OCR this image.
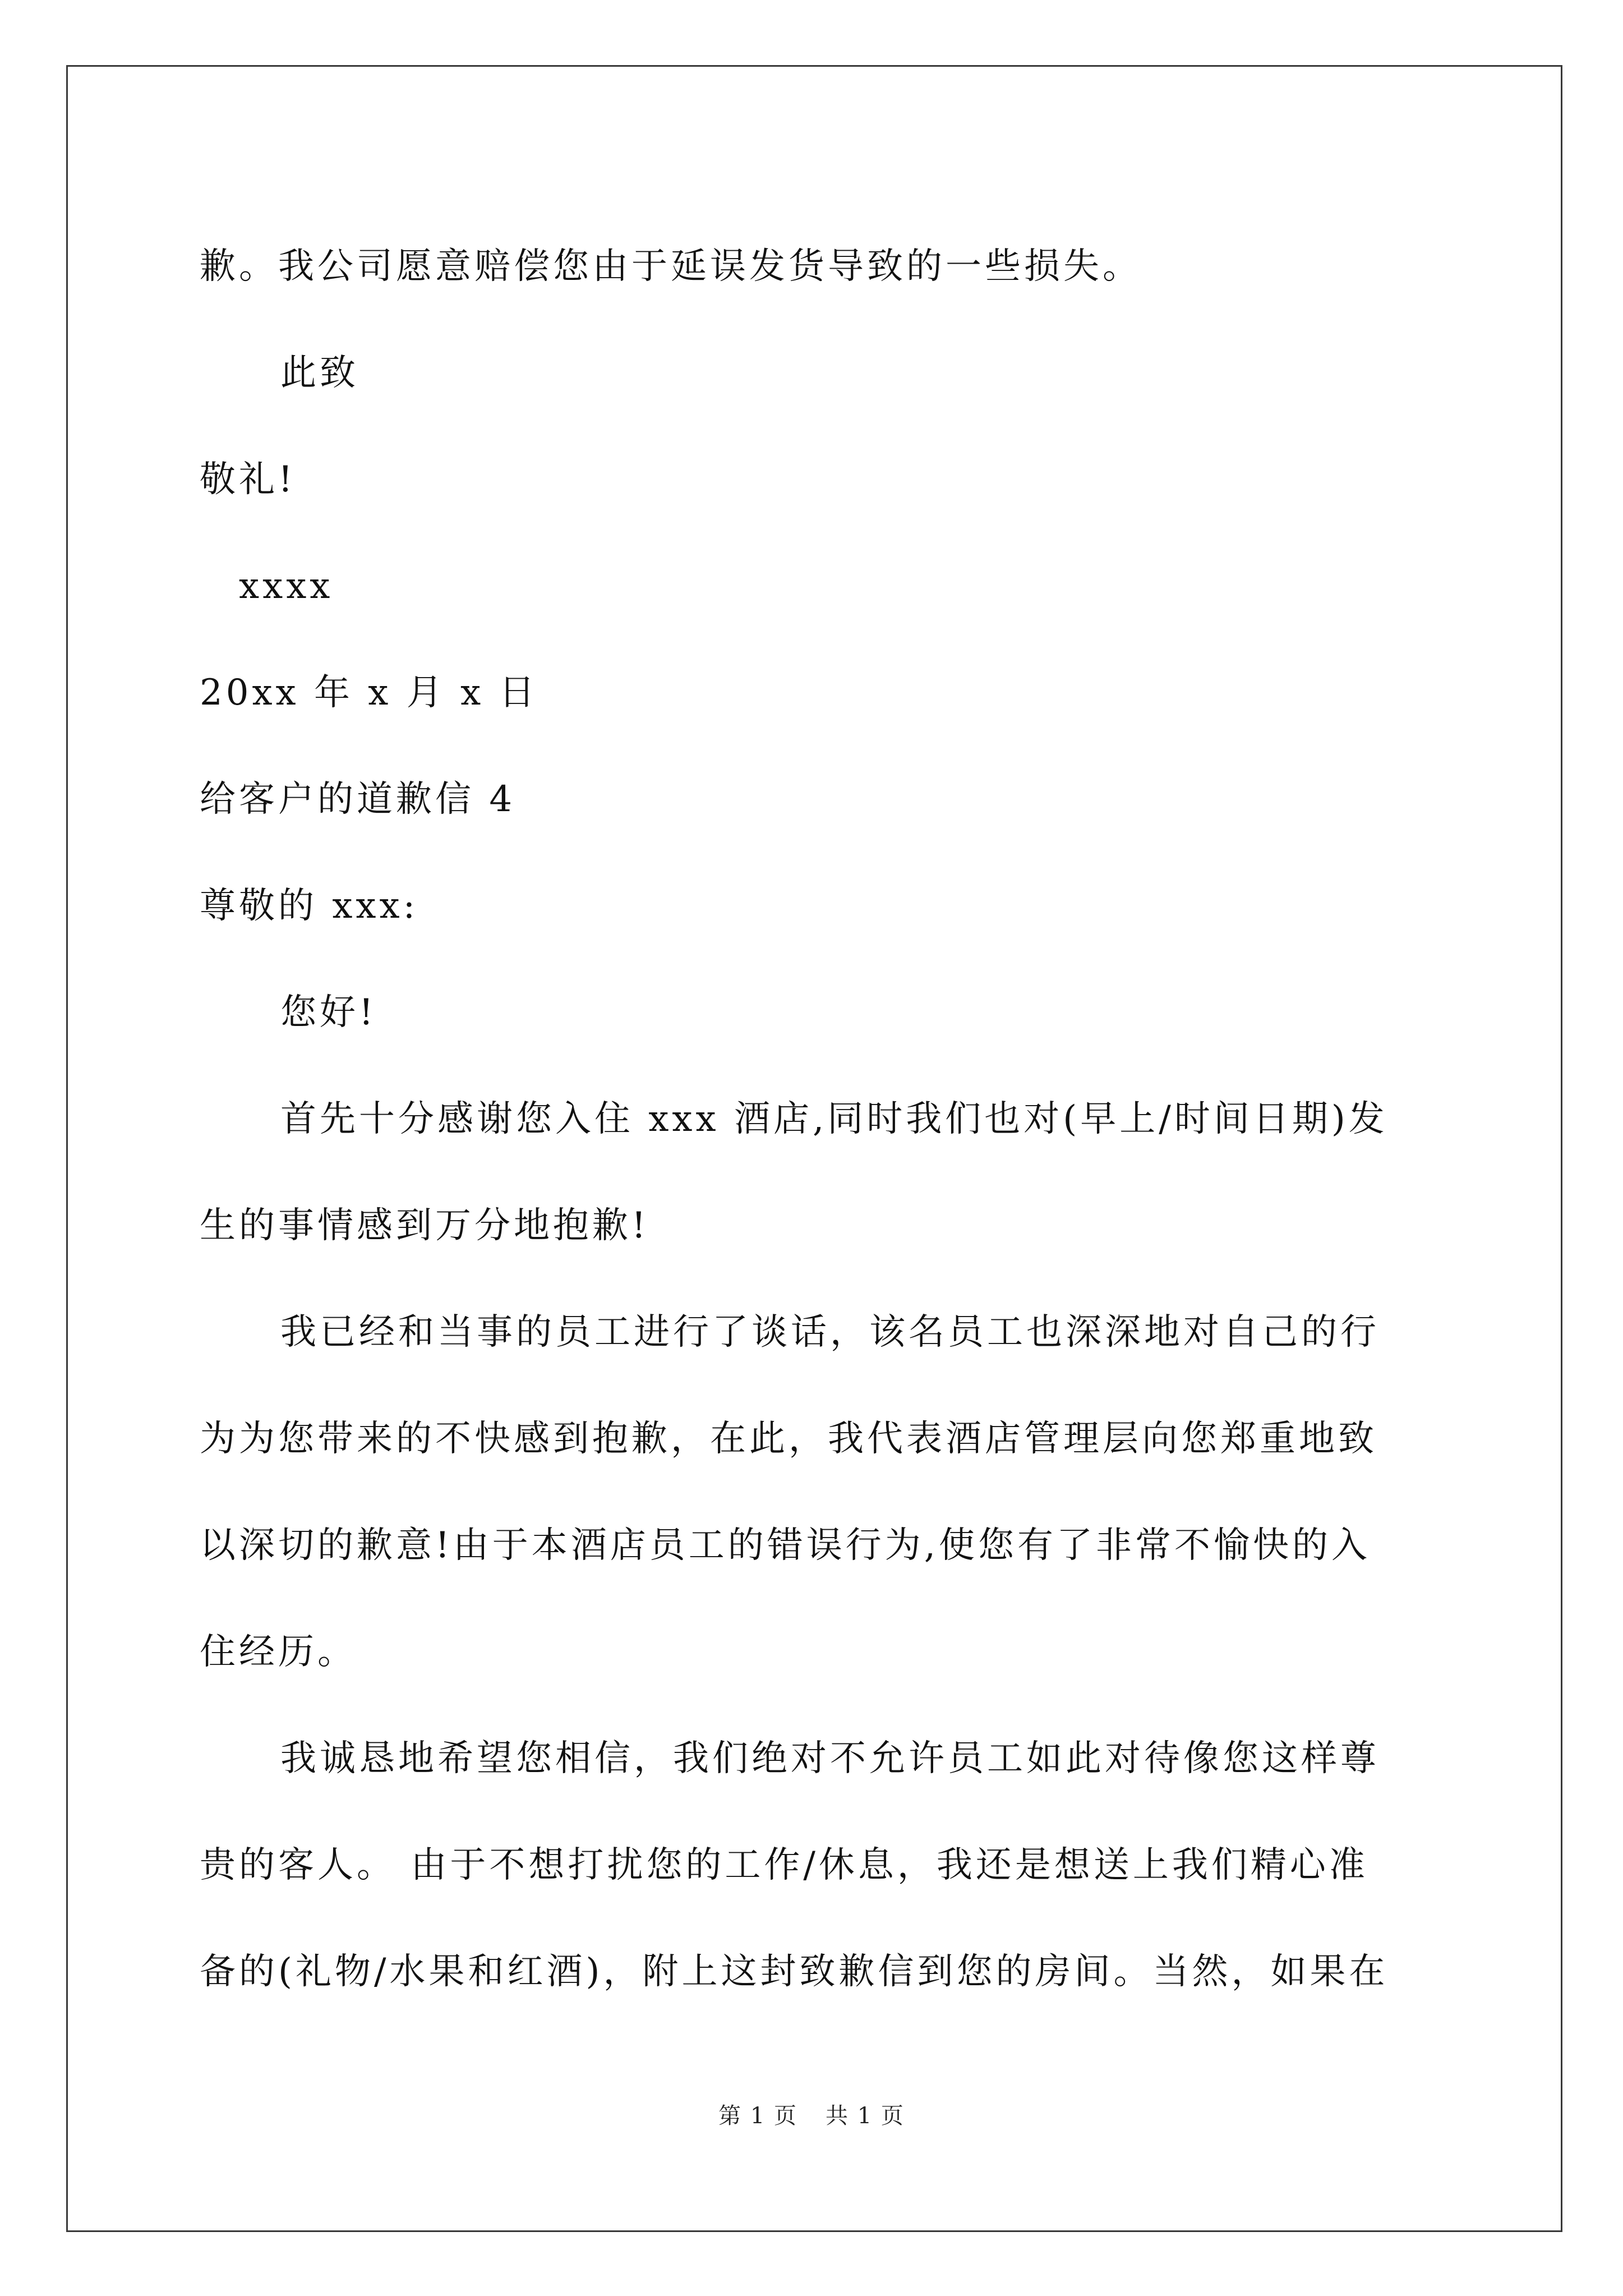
歉。我公司愿意赔偿您由于延误发货导致的一些损失。
此致
敬礼!
xxxx
20xx 年 x 月 x 日
给客户的道歉信 4
尊敬的 xxx:
您好!
首先十分感谢您入住 xxx 酒店,同时我们也对(早上/时间日期)发
生的事情感到万分地抱歉!
我已经和当事的员工进行了谈话，该名员工也深深地对自己的行
为为您带来的不快感到抱歉，在此，我代表酒店管理层向您郑重地致
以深切的歉意!由于本酒店员工的错误行为,使您有了非常不愉快的入
住经历。
我诚恳地希望您相信，我们绝对不允许员工如此对待像您这样尊
贵的客人。 由于不想打扰您的工作/休息，我还是想送上我们精心准
备的(礼物/水果和红酒)，附上这封致歉信到您的房间。当然，如果在
第 1 页 共 1 页
